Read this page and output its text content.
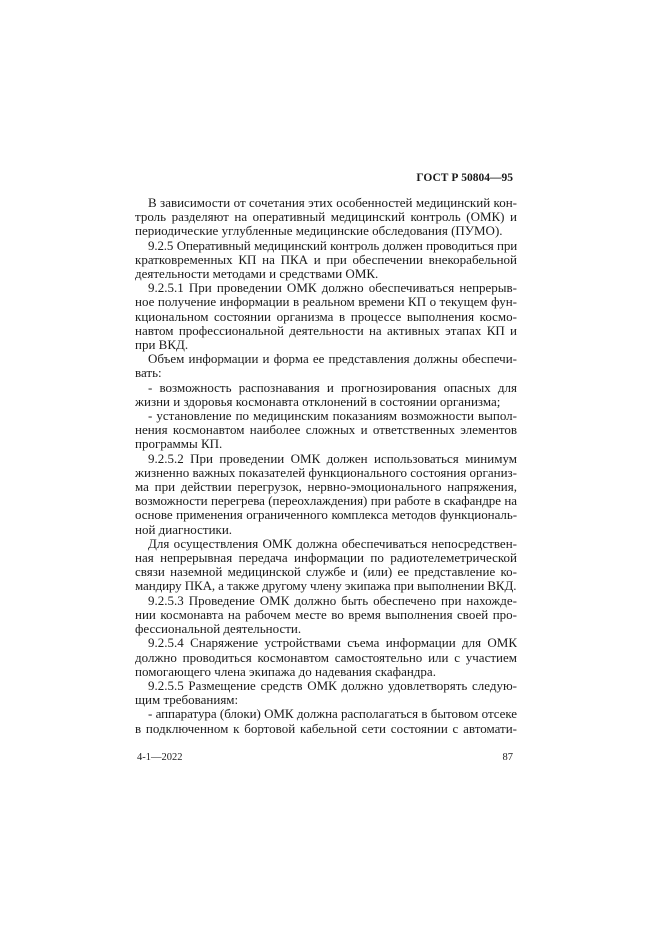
ГОСТ Р 50804—95
В зависимости от сочетания этих особенностей медицинский кон-
троль разделяют на оперативный медицинский контроль (ОМК) и
периодические углубленные медицинские обследования (ПУМО).
9.2.5 Оперативный медицинский контроль должен проводиться при
кратковременных КП на ПКА и при обеспечении внекорабельной
деятельности методами и средствами ОМК.
9.2.5.1 При проведении ОМК должно обеспечиваться непрерыв-
ное получение информации в реальном времени КП о текущем фун-
кциональном состоянии организма в процессе выполнения космо-
навтом профессиональной деятельности на активных этапах КП и
при ВКД.
Объем информации и форма ее представления должны обеспечи-
вать:
- возможность распознавания и прогнозирования опасных для
жизни и здоровья космонавта отклонений в состоянии организма;
- установление по медицинским показаниям возможности выпол-
нения космонавтом наиболее сложных и ответственных элементов
программы КП.
9.2.5.2 При проведении ОМК должен использоваться минимум
жизненно важных показателей функционального состояния организ-
ма при действии перегрузок, нервно-эмоционального напряжения,
возможности перегрева (переохлаждения) при работе в скафандре на
основе применения ограниченного комплекса методов функциональ-
ной диагностики.
Для осуществления ОМК должна обеспечиваться непосредствен-
ная непрерывная передача информации по радиотелеметрической
связи наземной медицинской службе и (или) ее представление ко-
мандиру ПКА, а также другому члену экипажа при выполнении ВКД.
9.2.5.3 Проведение ОМК должно быть обеспечено при нахожде-
нии космонавта на рабочем месте во время выполнения своей про-
фессиональной деятельности.
9.2.5.4 Снаряжение устройствами съема информации для ОМК
должно проводиться космонавтом самостоятельно или с участием
помогающего члена экипажа до надевания скафандра.
9.2.5.5 Размещение средств ОМК должно удовлетворять следую-
щим требованиям:
- аппаратура (блоки) ОМК должна располагаться в бытовом отсеке
в подключенном к бортовой кабельной сети состоянии с автомати-
4-1—2022	87
